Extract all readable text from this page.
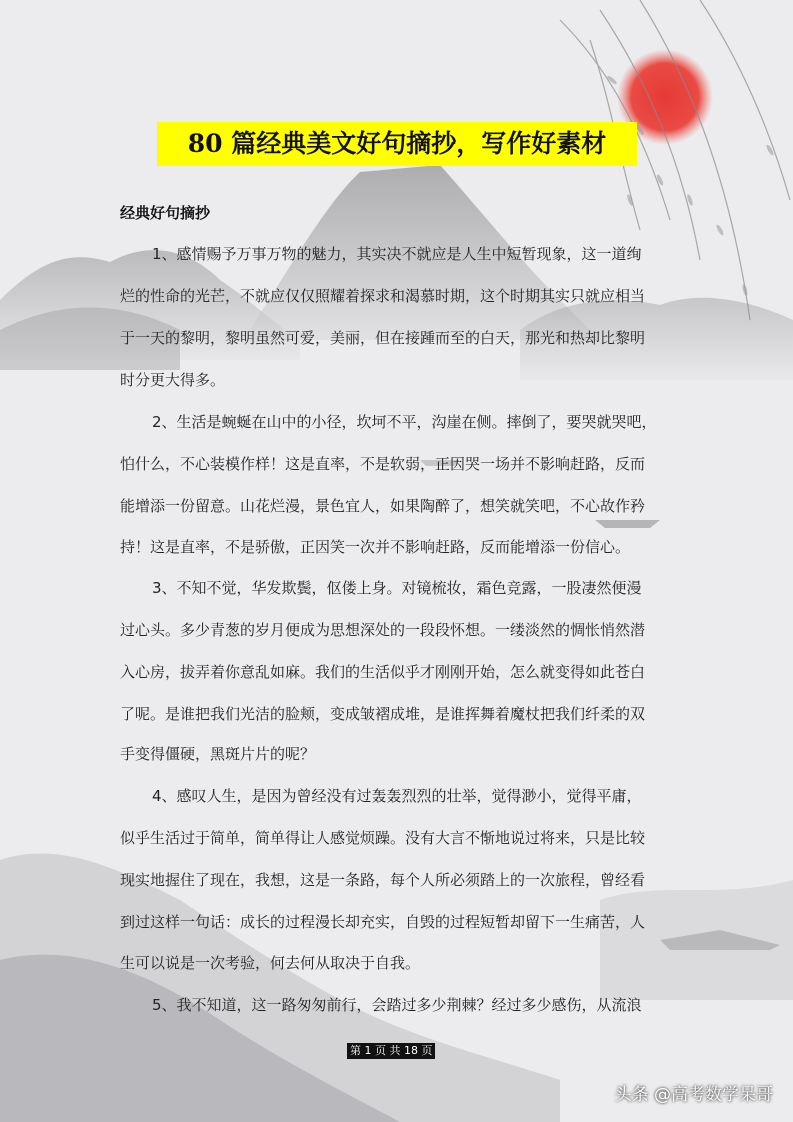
80 篇经典美文好句摘抄，写作好素材
经典好句摘抄
1、感情赐予万事万物的魅力，其实决不就应是人生中短暂现象，这一道绚
烂的性命的光芒，不就应仅仅照耀着探求和渴慕时期，这个时期其实只就应相当
于一天的黎明，黎明虽然可爱，美丽，但在接踵而至的白天，那光和热却比黎明
时分更大得多。
2、生活是蜿蜒在山中的小径，坎坷不平，沟崖在侧。摔倒了，要哭就哭吧，
怕什么，不心装模作样！这是直率，不是软弱，正因哭一场并不影响赶路，反而
能增添一份留意。山花烂漫，景色宜人，如果陶醉了，想笑就笑吧，不心故作矜
持！这是直率，不是骄傲，正因笑一次并不影响赶路，反而能增添一份信心。
3、不知不觉，华发欺鬓，伛偻上身。对镜梳妆，霜色竞露，一股凄然便漫
过心头。多少青葱的岁月便成为思想深处的一段段怀想。一缕淡然的惆怅悄然潜
入心房，拔弄着你意乱如麻。我们的生活似乎才刚刚开始，怎么就变得如此苍白
了呢。是谁把我们光洁的脸颊，变成皱褶成堆，是谁挥舞着魔杖把我们纤柔的双
手变得僵硬，黑斑片片的呢？
4、感叹人生，是因为曾经没有过轰轰烈烈的壮举，觉得渺小，觉得平庸，
似乎生活过于简单，简单得让人感觉烦躁。没有大言不惭地说过将来，只是比较
现实地握住了现在，我想，这是一条路，每个人所必须踏上的一次旅程，曾经看
到过这样一句话：成长的过程漫长却充实，自毁的过程短暂却留下一生痛苦，人
生可以说是一次考验，何去何从取决于自我。
5、我不知道，这一路匆匆前行，会踏过多少荆棘？经过多少感伤，从流浪
第 1 页 共 18 页
头条 @高考数学呆哥
